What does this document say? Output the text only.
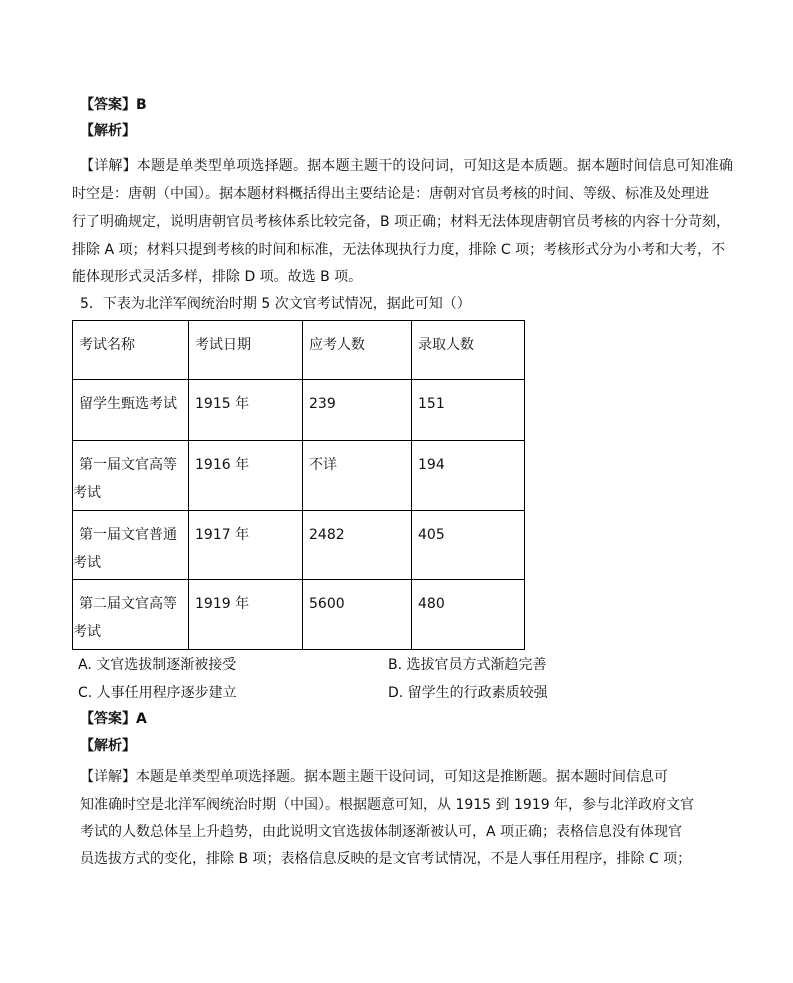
【答案】B
【解析】
【详解】本题是单类型单项选择题。据本题主题干的设问词，可知这是本质题。据本题时间信息可知准确
时空是：唐朝（中国）。据本题材料概括得出主要结论是：唐朝对官员考核的时间、等级、标准及处理进
行了明确规定，说明唐朝官员考核体系比较完备，B 项正确；材料无法体现唐朝官员考核的内容十分苛刻，
排除 A 项；材料只提到考核的时间和标准，无法体现执行力度，排除 C 项；考核形式分为小考和大考，不
能体现形式灵活多样，排除 D 项。故选 B 项。
5．下表为北洋军阀统治时期 5 次文官考试情况，据此可知（）
考试名称	考试日期	应考人数	录取人数
留学生甄选考试	1915 年	239	151

第一届文官高等
考试	1916 年	不详	194

第一届文官普通
考试	1917 年	2482	405

第二届文官高等
考试	1919 年	5600	480
A. 文官选拔制逐渐被接受	B. 选拔官员方式渐趋完善
C. 人事任用程序逐步建立	D. 留学生的行政素质较强
【答案】A
【解析】
【详解】本题是单类型单项选择题。据本题主题干设问词，可知这是推断题。据本题时间信息可
知准确时空是北洋军阀统治时期（中国）。根据题意可知，从 1915 到 1919 年，参与北洋政府文官
考试的人数总体呈上升趋势，由此说明文官选拔体制逐渐被认可，A 项正确；表格信息没有体现官
员选拔方式的变化，排除 B 项；表格信息反映的是文官考试情况，不是人事任用程序，排除 C 项；
